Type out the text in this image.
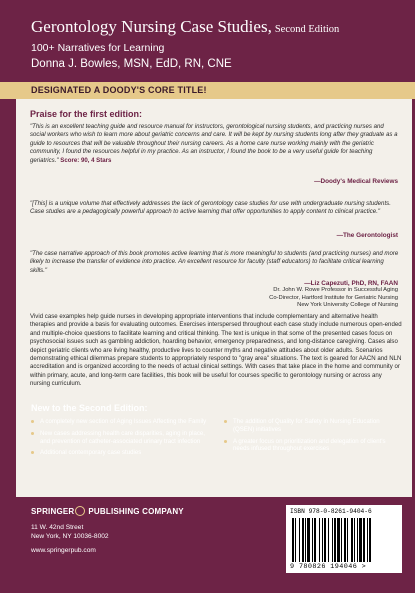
Gerontology Nursing Case Studies, Second Edition
100+ Narratives for Learning
Donna J. Bowles, MSN, EdD, RN, CNE
DESIGNATED A DOODY'S CORE TITLE!
Praise for the first edition:
"This is an excellent teaching guide and resource manual for instructors, gerontological nursing students, and practicing nurses and social workers who wish to learn more about geriatric concerns and care. It will be kept by nursing students long after they graduate as a guide to resources that will be valuable throughout their nursing careers. As a home care nurse working mainly with the geriatric community, I found the resources helpful in my practice. As an instructor, I found the book to be a very useful guide for teaching geriatrics." Score: 90, 4 Stars
—Doody's Medical Reviews
"[This] is a unique volume that effectively addresses the lack of gerontology case studies for use with undergraduate nursing students. Case studies are a pedagogically powerful approach to active learning that offer opportunities to apply content to clinical practice."
—The Gerontologist
"The case narrative approach of this book promotes active learning that is more meaningful to students (and practicing nurses) and more likely to increase the transfer of evidence into practice. An excellent resource for faculty (staff educators) to facilitate critical learning skills."
—Liz Capezuti, PhD, RN, FAAN
Dr. John W. Rowe Professor in Successful Aging
Co-Director, Hartford Institute for Geriatric Nursing
New York University College of Nursing
Vivid case examples help guide nurses in developing appropriate interventions that include complementary and alternative health therapies and provide a basis for evaluating outcomes. Exercises interspersed throughout each case study include numerous open-ended and multiple-choice questions to facilitate learning and critical thinking. The text is unique in that some of the presented cases focus on psychosocial issues such as gambling addiction, hoarding behavior, emergency preparedness, and long-distance caregiving. Cases also depict geriatric clients who are living healthy, productive lives to counter myths and negative attitudes about older adults. Scenarios demonstrating ethical dilemmas prepare students to appropriately respond to "gray area" situations. The text is geared for AACN and NLN accreditation and is organized according to the needs of actual clinical settings. With cases that take place in the home and community or within primary, acute, and long-term care facilities, this book will be useful for courses specific to gerontology nursing or across any nursing curriculum.
New to the Second Edition:
A completely new section of Aging Issues Affecting the Family
New cases addressing health care disparities, aging in place, and prevention of catheter-associated urinary tract infection
Additional contemporary case studies
The addition of Quality for Safety in Nursing Education (QSEN) initiatives
A greater focus on prioritization and delegation of client's needs infused throughout exercises
SPRINGER PUBLISHING COMPANY
11 W. 42nd Street
New York, NY 10036-8002
www.springerpub.com
ISBN 978-0-8261-9404-6
9 780826 194046 >
